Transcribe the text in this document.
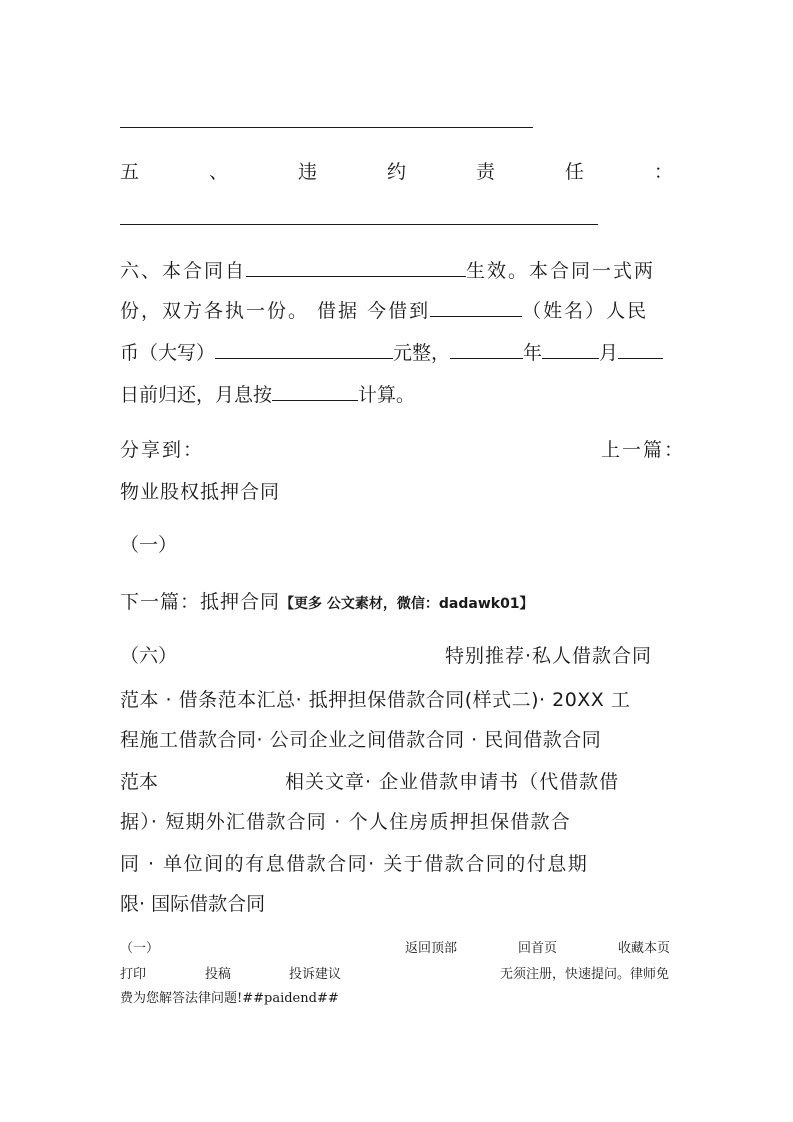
五	、	违	约	责	任	：
六、本合同自	生效。本合同一式两
份，双方各执一份。 借据 今借到	（姓名）人民
币（大写）	元整，	年	月
日前归还，月息按	计算。
分享到：	上一篇：
物业股权抵押合同
（一）
下一篇：抵押合同【更多 公文素材，微信：dadawk01】
（六）	特别推荐·私人借款合同
范本 · 借条范本汇总· 抵押担保借款合同(样式二)· 20XX 工
程施工借款合同· 公司企业之间借款合同 · 民间借款合同
范本	相关文章· 企业借款申请书（代借款借
据）· 短期外汇借款合同 · 个人住房质押担保借款合
同 · 单位间的有息借款合同· 关于借款合同的付息期
限· 国际借款合同
（一）	返回顶部	回首页	收藏本页
打印	投稿	投诉建议	无须注册，快速提问。律师免
费为您解答法律问题!##paidend##
